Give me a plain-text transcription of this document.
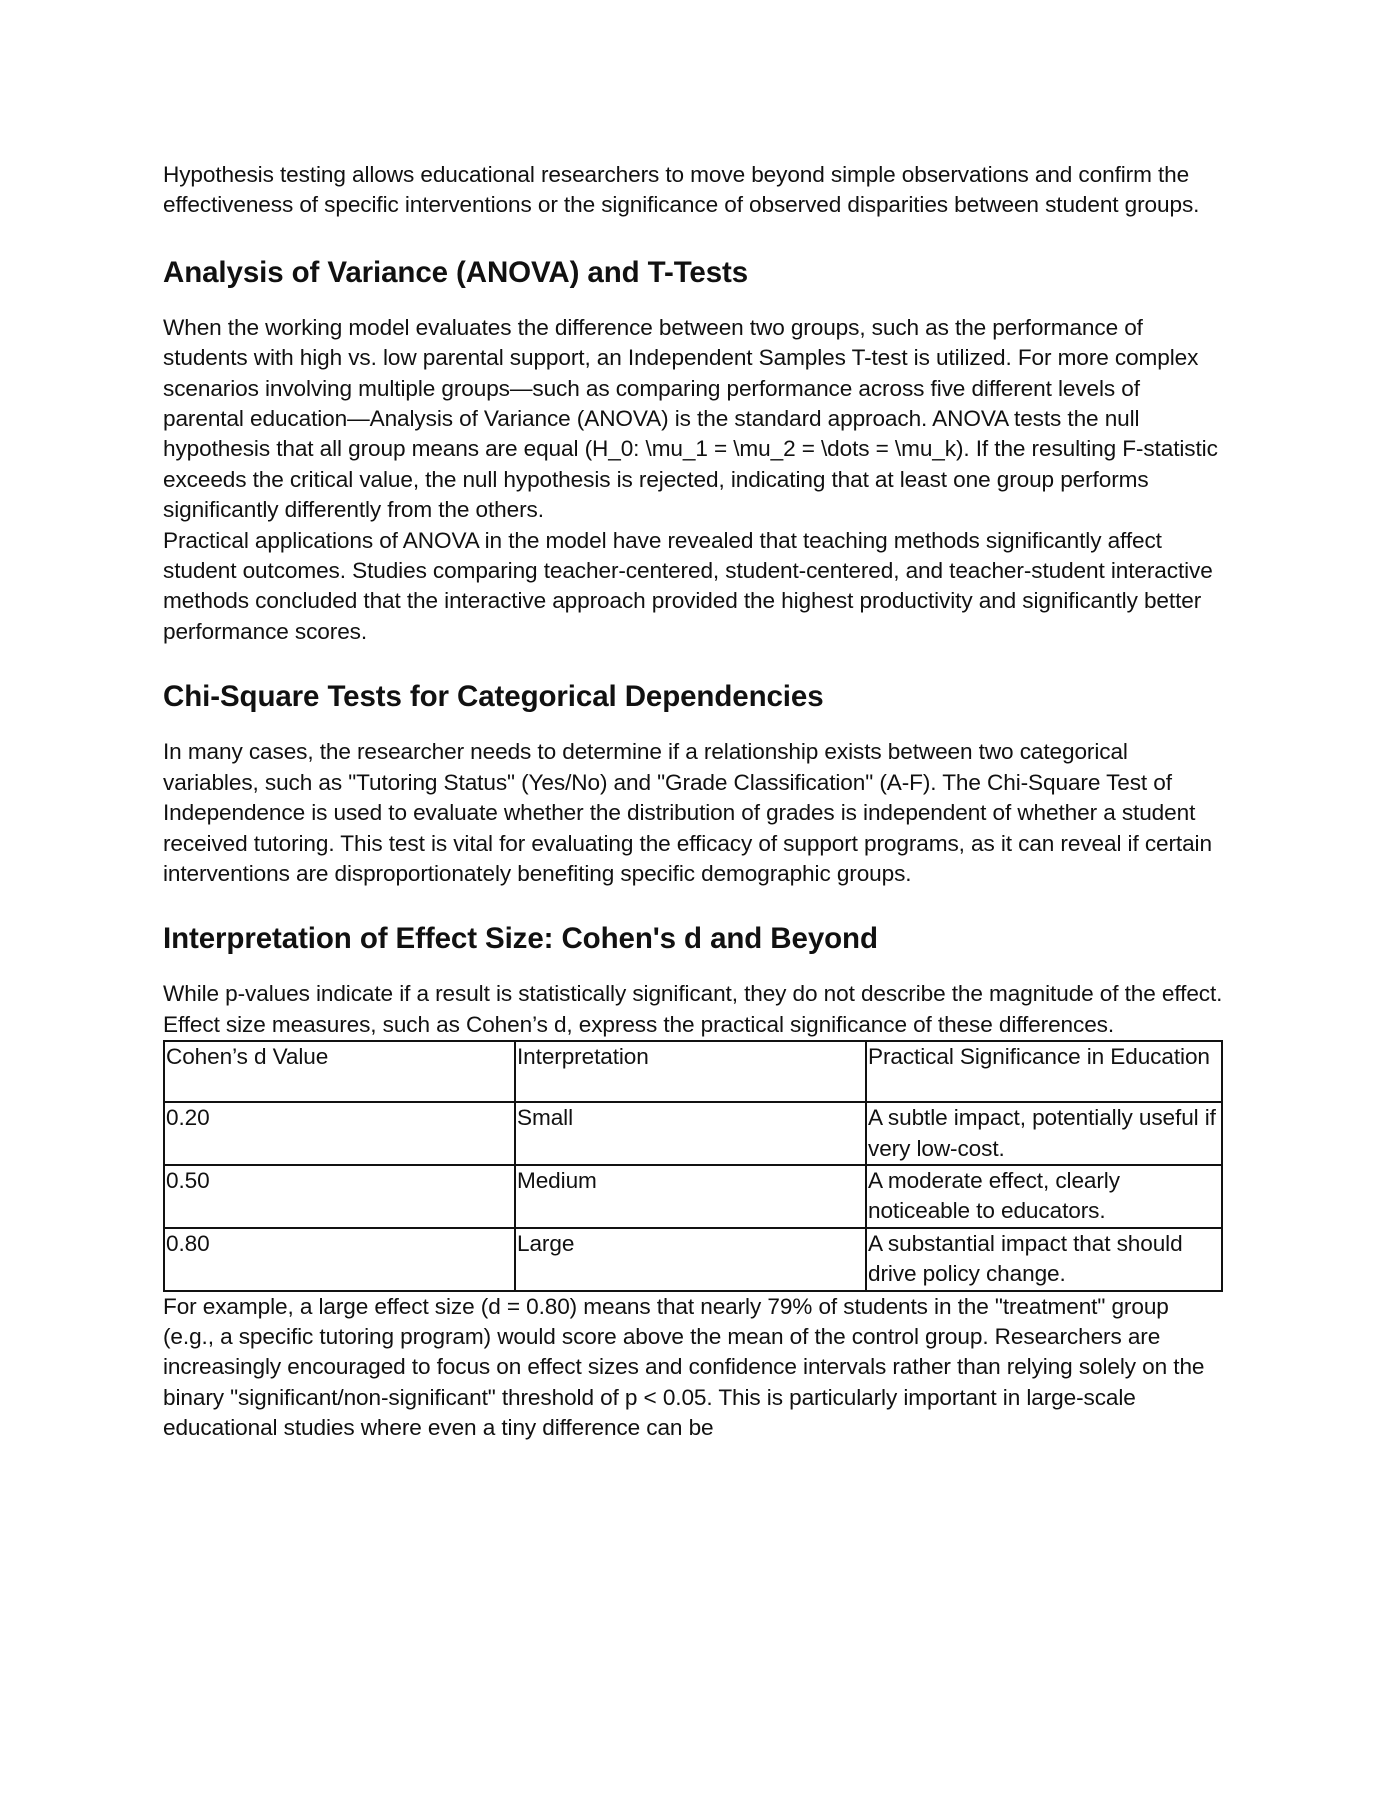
Hypothesis testing allows educational researchers to move beyond simple observations and confirm the effectiveness of specific interventions or the significance of observed disparities between student groups.

Analysis of Variance (ANOVA) and T-Tests

When the working model evaluates the difference between two groups, such as the performance of students with high vs. low parental support, an Independent Samples T-test is utilized. For more complex scenarios involving multiple groups—such as comparing performance across five different levels of parental education—Analysis of Variance (ANOVA) is the standard approach. ANOVA tests the null hypothesis that all group means are equal (H_0: \mu_1 = \mu_2 = \dots = \mu_k). If the resulting F-statistic exceeds the critical value, the null hypothesis is rejected, indicating that at least one group performs significantly differently from the others.

Practical applications of ANOVA in the model have revealed that teaching methods significantly affect student outcomes. Studies comparing teacher-centered, student-centered, and teacher-student interactive methods concluded that the interactive approach provided the highest productivity and significantly better performance scores.

Chi-Square Tests for Categorical Dependencies

In many cases, the researcher needs to determine if a relationship exists between two categorical variables, such as "Tutoring Status" (Yes/No) and "Grade Classification" (A-F). The Chi-Square Test of Independence is used to evaluate whether the distribution of grades is independent of whether a student received tutoring. This test is vital for evaluating the efficacy of support programs, as it can reveal if certain interventions are disproportionately benefiting specific demographic groups.

Interpretation of Effect Size: Cohen's d and Beyond

While p-values indicate if a result is statistically significant, they do not describe the magnitude of the effect. Effect size measures, such as Cohen’s d, express the practical significance of these differences.

Cohen’s d Value	Interpretation	Practical Significance in Education
0.20	Small	A subtle impact, potentially useful if very low-cost.
0.50	Medium	A moderate effect, clearly noticeable to educators.
0.80	Large	A substantial impact that should drive policy change.

For example, a large effect size (d = 0.80) means that nearly 79% of students in the "treatment" group (e.g., a specific tutoring program) would score above the mean of the control group. Researchers are increasingly encouraged to focus on effect sizes and confidence intervals rather than relying solely on the binary "significant/non-significant" threshold of p < 0.05. This is particularly important in large-scale educational studies where even a tiny difference can be
